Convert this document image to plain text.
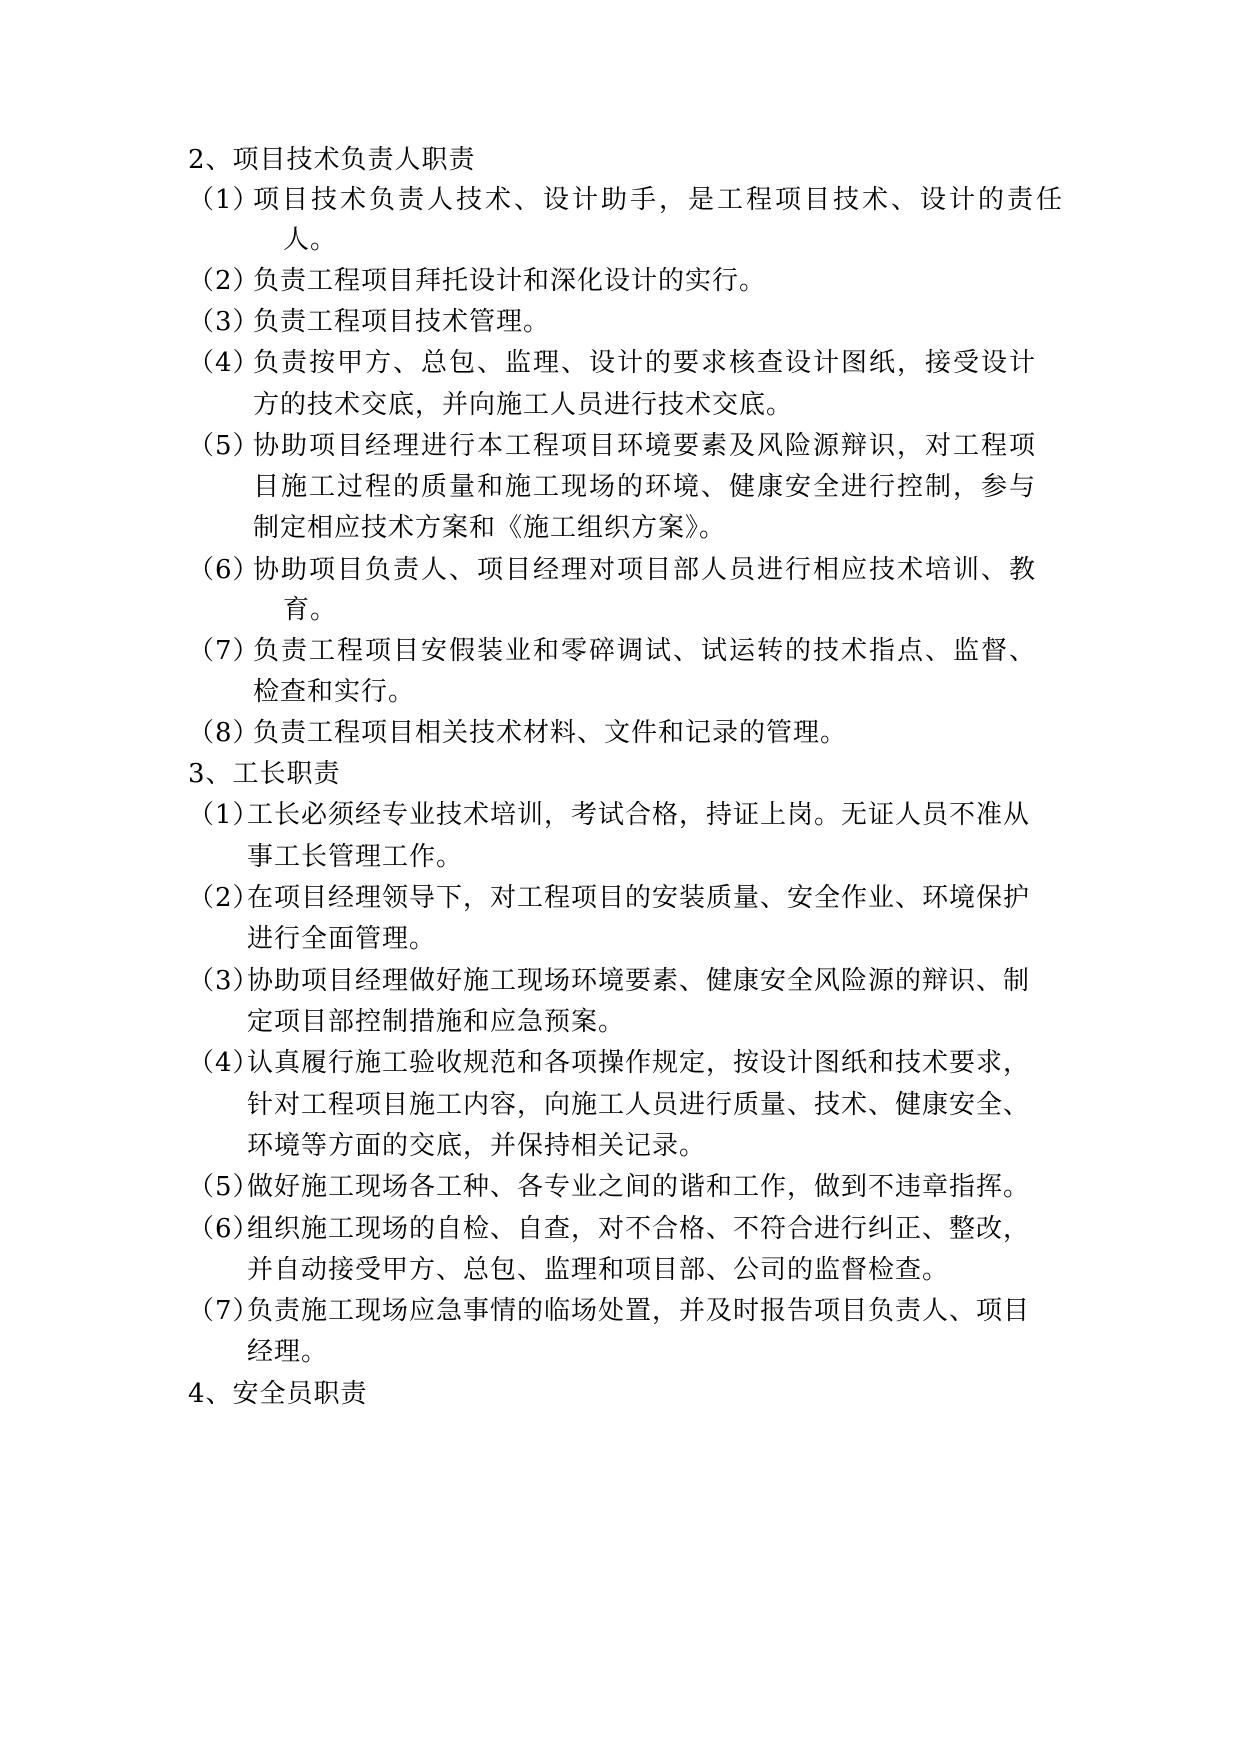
2、项目技术负责人职责
（1）
项目技术负责人技术、设计助手，是工程项目技术、设计的责任
人。
（2）
负责工程项目拜托设计和深化设计的实行。
（3）
负责工程项目技术管理。
（4）
负责按甲方、总包、监理、设计的要求核查设计图纸，接受设计
方的技术交底，并向施工人员进行技术交底。
（5）
协助项目经理进行本工程项目环境要素及风险源辩识，对工程项
目施工过程的质量和施工现场的环境、健康安全进行控制，参与
制定相应技术方案和《施工组织方案》。
（6）
协助项目负责人、项目经理对项目部人员进行相应技术培训、教
育。
（7）
负责工程项目安假装业和零碎调试、试运转的技术指点、监督、
检查和实行。
（8）
负责工程项目相关技术材料、文件和记录的管理。
3、工长职责
（1）
工长必须经专业技术培训，考试合格，持证上岗。无证人员不准从
事工长管理工作。
（2）
在项目经理领导下，对工程项目的安装质量、安全作业、环境保护
进行全面管理。
（3）
协助项目经理做好施工现场环境要素、健康安全风险源的辩识、制
定项目部控制措施和应急预案。
（4）
认真履行施工验收规范和各项操作规定，按设计图纸和技术要求，
针对工程项目施工内容，向施工人员进行质量、技术、健康安全、
环境等方面的交底，并保持相关记录。
（5）
做好施工现场各工种、各专业之间的谐和工作，做到不违章指挥。
（6）
组织施工现场的自检、自查，对不合格、不符合进行纠正、整改，
并自动接受甲方、总包、监理和项目部、公司的监督检查。
（7）
负责施工现场应急事情的临场处置，并及时报告项目负责人、项目
经理。
4、安全员职责
